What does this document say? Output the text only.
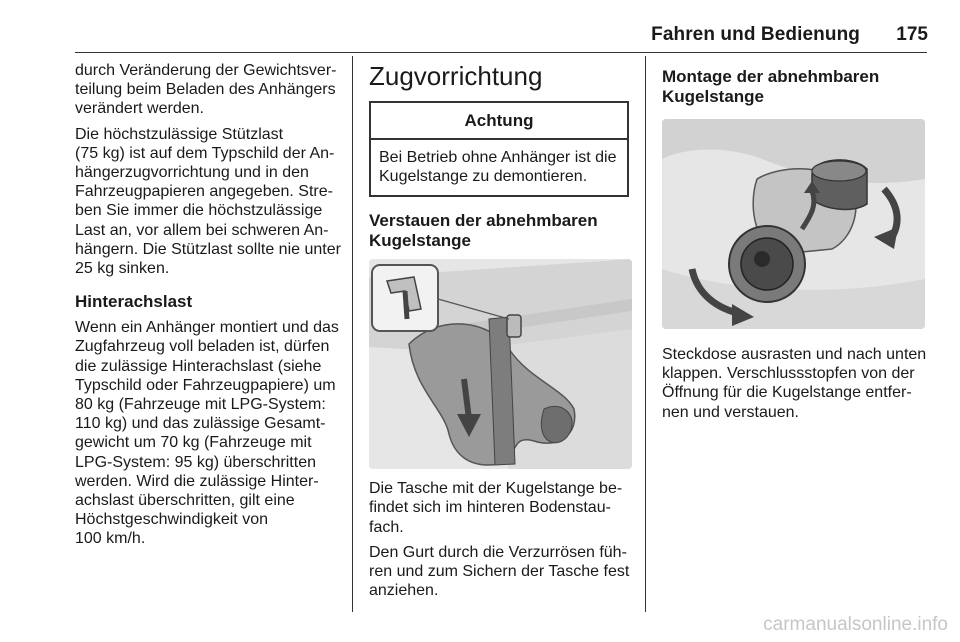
Fahren und Bedienung	175

durch Veränderung der Gewichtsver-
teilung beim Beladen des Anhängers
verändert werden.

Die höchstzulässige Stützlast
(75 kg) ist auf dem Typschild der An-
hängerzugvorrichtung und in den
Fahrzeugpapieren angegeben. Stre-
ben Sie immer die höchstzulässige
Last an, vor allem bei schweren An-
hängern. Die Stützlast sollte nie unter
25 kg sinken.

Hinterachslast

Wenn ein Anhänger montiert und das
Zugfahrzeug voll beladen ist, dürfen
die zulässige Hinterachslast (siehe
Typschild oder Fahrzeugpapiere) um
80 kg (Fahrzeuge mit LPG-System:
110 kg) und das zulässige Gesamt-
gewicht um 70 kg (Fahrzeuge mit
LPG-System: 95 kg) überschritten
werden. Wird die zulässige Hinter-
achslast überschritten, gilt eine
Höchstgeschwindigkeit von
100 km/h.

Zugvorrichtung
Achtung
Bei Betrieb ohne Anhänger ist die
Kugelstange zu demontieren.
Verstauen der abnehmbaren
Kugelstange

Die Tasche mit der Kugelstange be-
findet sich im hinteren Bodenstau-
fach.

Den Gurt durch die Verzurrösen füh-
ren und zum Sichern der Tasche fest
anziehen.

Montage der abnehmbaren
Kugelstange

Steckdose ausrasten und nach unten
klappen. Verschlussstopfen von der
Öffnung für die Kugelstange entfer-
nen und verstauen.

carmanualsonline.info
